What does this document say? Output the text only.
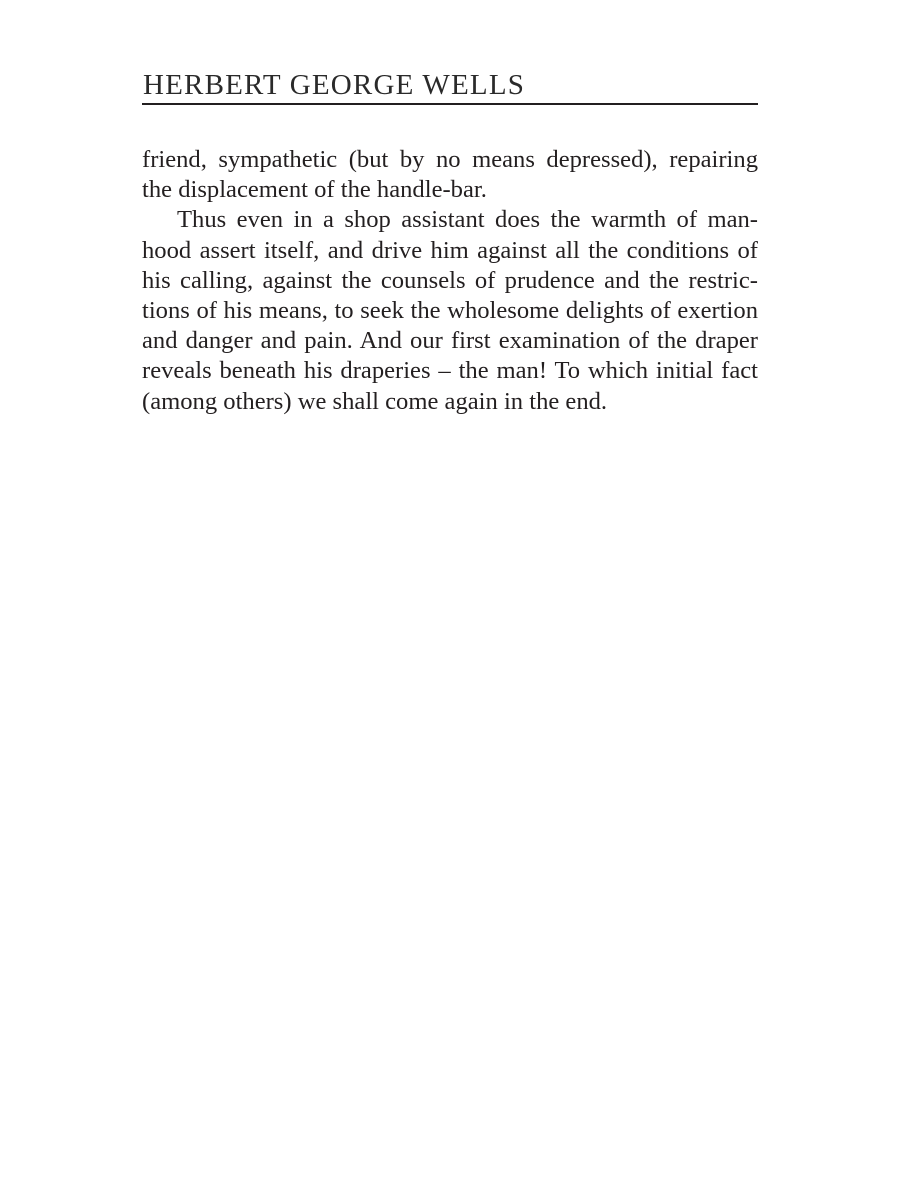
HERBERT GEORGE WELLS
friend, sympathetic (but by no means depressed), repairing
the displacement of the handle-bar.
Thus even in a shop assistant does the warmth of man-
hood assert itself, and drive him against all the conditions of
his calling, against the counsels of prudence and the restric-
tions of his means, to seek the wholesome delights of exertion
and danger and pain. And our first examination of the draper
reveals beneath his draperies – the man! To which initial fact
(among others) we shall come again in the end.
